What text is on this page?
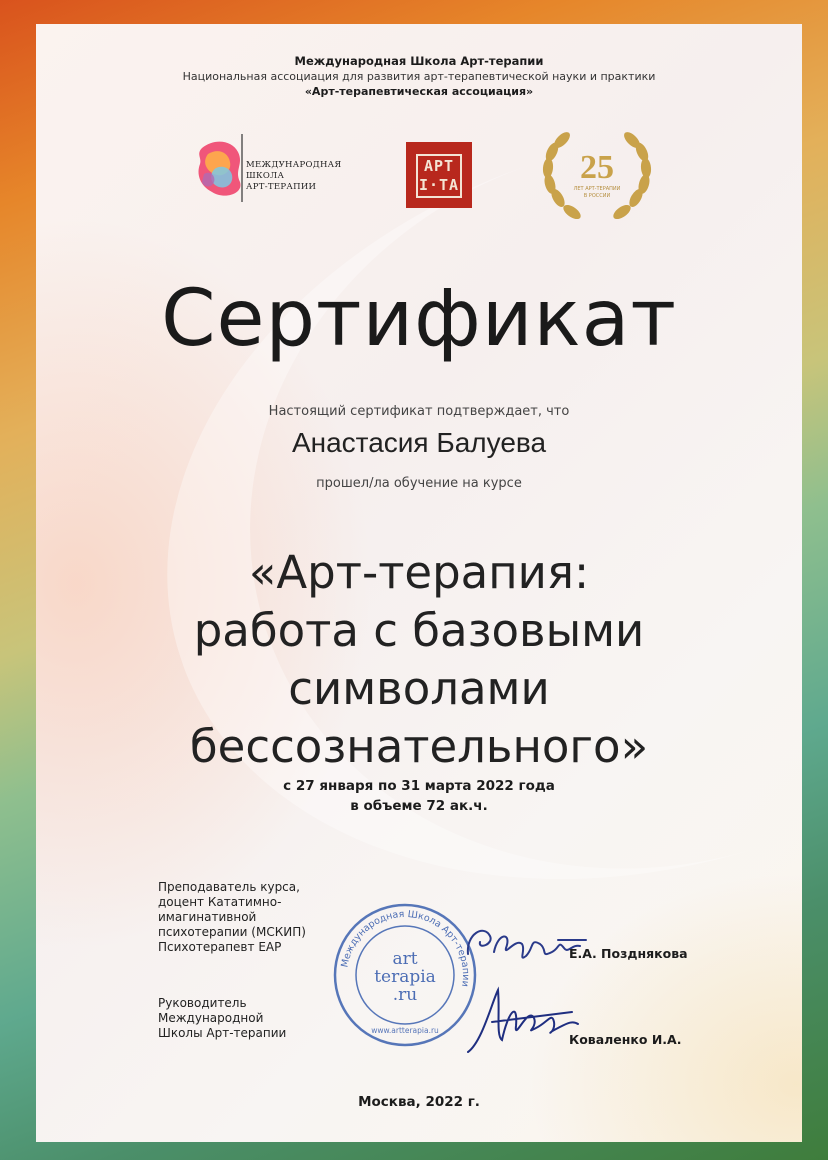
Международная Школа Арт-терапии
Национальная ассоциация для развития арт-терапевтической науки и практики
«Арт-терапевтическая ассоциация»
МЕЖДУНАРОДНАЯ
ШКОЛА
АРТ-ТЕРАПИИ
АРТ
I·TA	25
ЛЕТ АРТ-ТЕРАПИИ
В РОССИИ
Сертификат
Настоящий сертификат подтверждает, что
Анастасия Балуева
прошел/ла обучение на курсе
«Арт-терапия:
работа с базовыми
символами
бессознательного»
с 27 января по 31 марта 2022 года
в объеме 72 ак.ч.
Преподаватель курса,
доцент Кататимно-
имагинативной
психотерапии (МСКИП)
Психотерапевт ЕАР
Руководитель
Международной
Школы Арт-терапии
Международная Школа Арт-терапии
art
terapia
.ru
www.artterapia.ru
Е.А. Позднякова
Коваленко И.А.
Москва, 2022 г.
